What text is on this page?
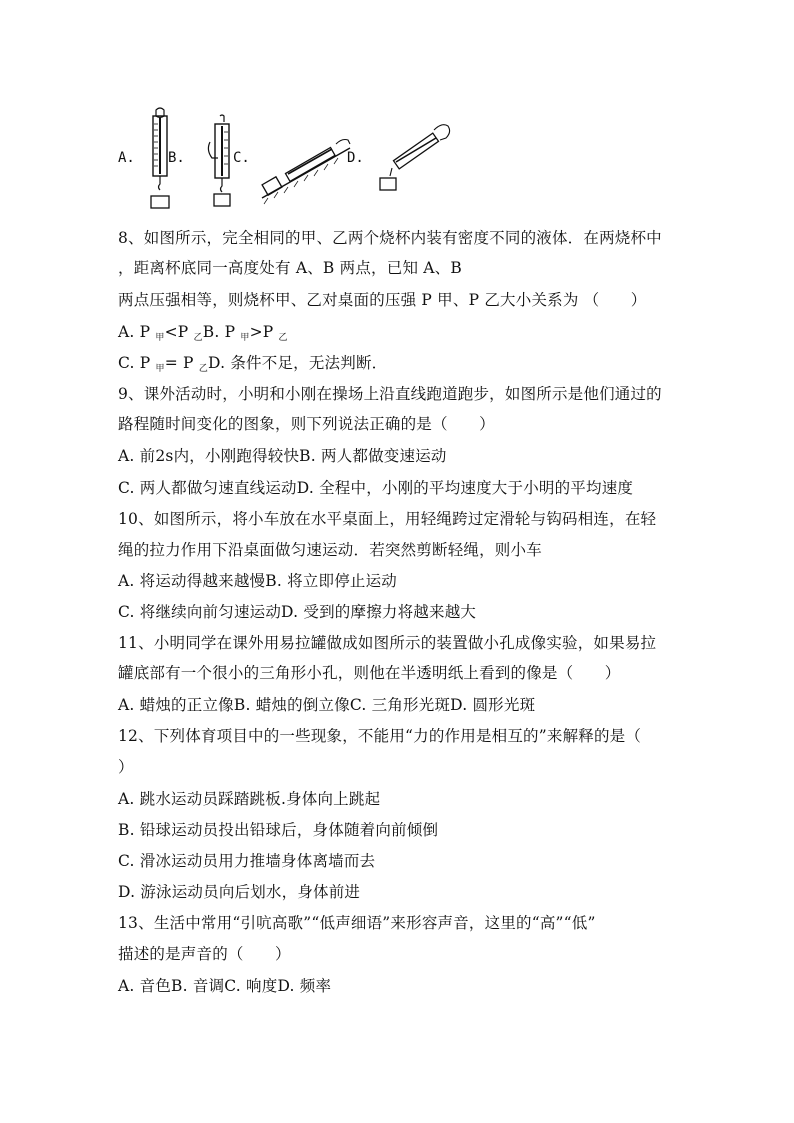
A. B.	C.	D.
8、如图所示，完全相同的甲、乙两个烧杯内装有密度不同的液体．在两烧杯中
，距离杯底同一高度处有 A、B 两点，已知 A、B
两点压强相等，则烧杯甲、乙对桌面的压强 P 甲、P 乙大小关系为 （　　）
A. P $_甲$<P $_乙$B. P $_甲$>P $_乙$
C. P $_甲$= P $_乙$D. 条件不足，无法判断．
9、课外活动时，小明和小刚在操场上沿直线跑道跑步，如图所示是他们通过的
路程随时间变化的图象，则下列说法正确的是（　　）
A. 前2s内，小刚跑得较快B. 两人都做变速运动
C. 两人都做匀速直线运动D. 全程中，小刚的平均速度大于小明的平均速度
10、如图所示，将小车放在水平桌面上，用轻绳跨过定滑轮与钩码相连，在轻
绳的拉力作用下沿桌面做匀速运动．若突然剪断轻绳，则小车
A. 将运动得越来越慢B. 将立即停止运动
C. 将继续向前匀速运动D. 受到的摩擦力将越来越大
11、小明同学在课外用易拉罐做成如图所示的装置做小孔成像实验，如果易拉
罐底部有一个很小的三角形小孔，则他在半透明纸上看到的像是（　　）
A. 蜡烛的正立像B. 蜡烛的倒立像C. 三角形光斑D. 圆形光斑
12、下列体育项目中的一些现象，不能用“力的作用是相互的”来解释的是（
）
A. 跳水运动员踩踏跳板.身体向上跳起
B. 铅球运动员投出铅球后，身体随着向前倾倒
C. 滑冰运动员用力推墙身体离墙而去
D. 游泳运动员向后划水，身体前进
13、生活中常用“引吭高歌”“低声细语”来形容声音，这里的“高”“低”
描述的是声音的（　　）
A. 音色B. 音调C. 响度D. 频率
